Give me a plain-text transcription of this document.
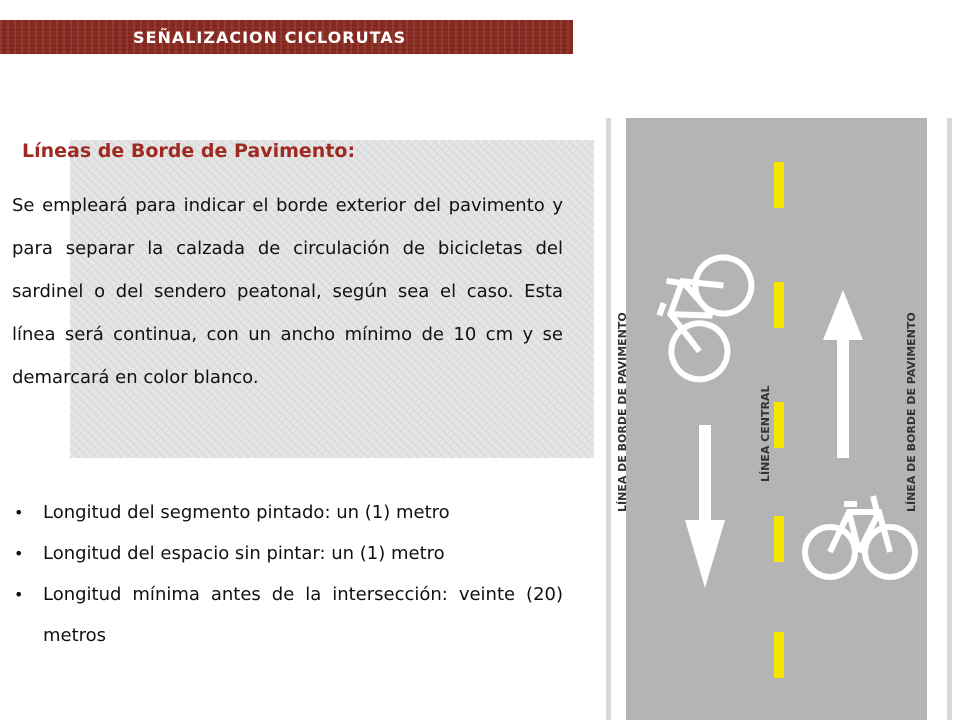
SEÑALIZACION CICLORUTAS
Líneas de Borde de Pavimento:
Se empleará para indicar el borde exterior del pavimento y para separar la calzada de circulación de bicicletas del sardinel o del sendero peatonal, según sea el caso. Esta línea será continua, con un ancho mínimo de 10 cm y se demarcará en color blanco.
• Longitud del segmento pintado: un (1) metro
• Longitud del espacio sin pintar: un (1) metro
• Longitud mínima antes de la intersección: veinte (20) metros
LÍNEA DE BORDE DE PAVIMENTO	LÍNEA CENTRAL	LÍNEA DE BORDE DE PAVIMENTO
